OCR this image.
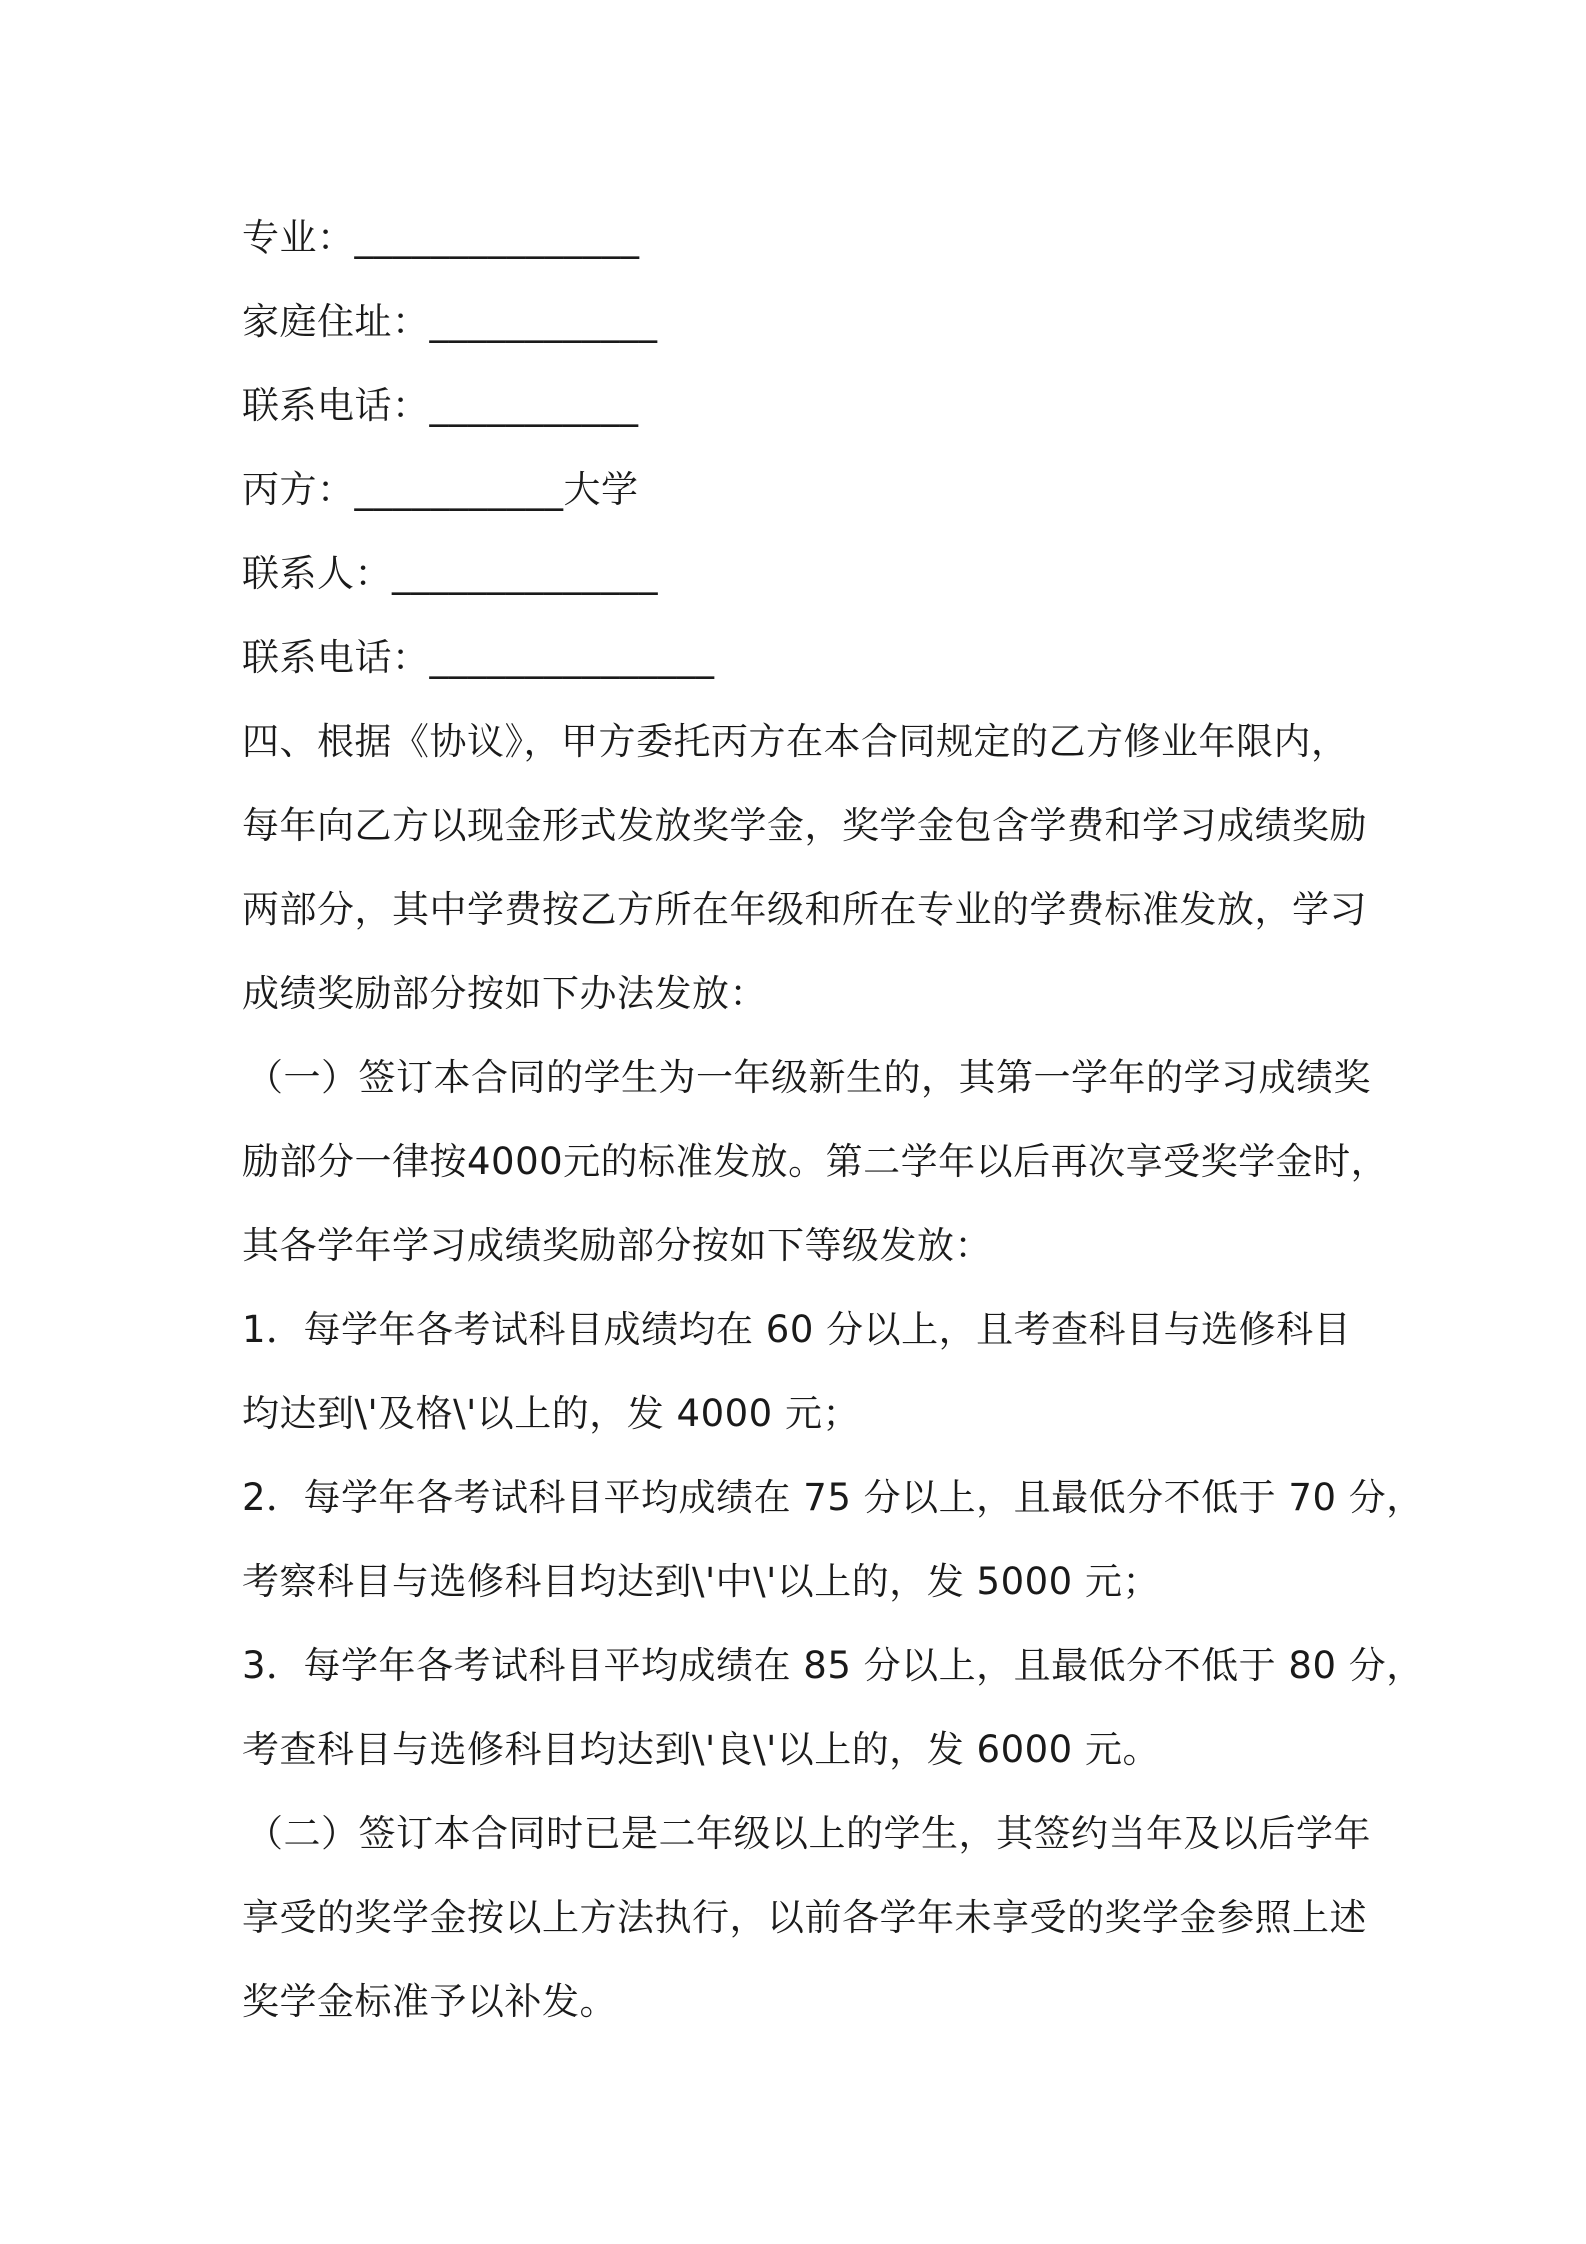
专业：_______________
家庭住址：____________
联系电话：___________
丙方：___________大学
联系人：______________
联系电话：_______________
四、根据《协议》，甲方委托丙方在本合同规定的乙方修业年限内，
每年向乙方以现金形式发放奖学金，奖学金包含学费和学习成绩奖励
两部分，其中学费按乙方所在年级和所在专业的学费标准发放，学习
成绩奖励部分按如下办法发放：
（一）签订本合同的学生为一年级新生的，其第一学年的学习成绩奖
励部分一律按4000元的标准发放。第二学年以后再次享受奖学金时，
其各学年学习成绩奖励部分按如下等级发放：
1．每学年各考试科目成绩均在 60 分以上，且考查科目与选修科目
均达到\'及格\'以上的，发 4000 元；
2．每学年各考试科目平均成绩在 75 分以上，且最低分不低于 70 分，
考察科目与选修科目均达到\'中\'以上的，发 5000 元；
3．每学年各考试科目平均成绩在 85 分以上，且最低分不低于 80 分，
考查科目与选修科目均达到\'良\'以上的，发 6000 元。
（二）签订本合同时已是二年级以上的学生，其签约当年及以后学年
享受的奖学金按以上方法执行，以前各学年未享受的奖学金参照上述
奖学金标准予以补发。
